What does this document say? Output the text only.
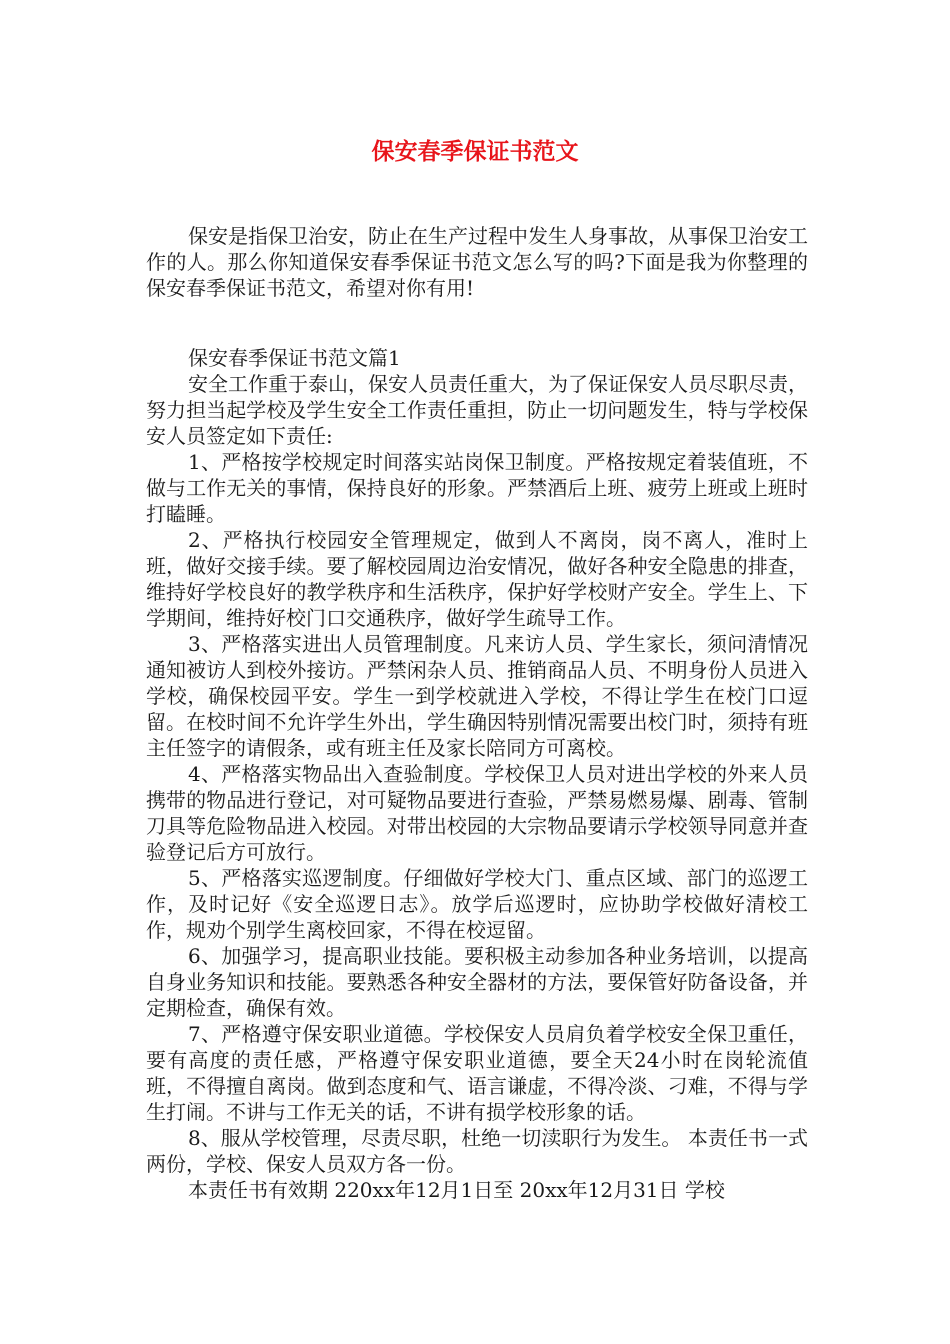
保安春季保证书范文

保安是指保卫治安，防止在生产过程中发生人身事故，从事保卫治安工作的人。那么你知道保安春季保证书范文怎么写的吗?下面是我为你整理的保安春季保证书范文，希望对你有用!

保安春季保证书范文篇1

安全工作重于泰山，保安人员责任重大，为了保证保安人员尽职尽责，努力担当起学校及学生安全工作责任重担，防止一切问题发生，特与学校保安人员签定如下责任:

1、严格按学校规定时间落实站岗保卫制度。严格按规定着装值班，不做与工作无关的事情，保持良好的形象。严禁酒后上班、疲劳上班或上班时打瞌睡。

2、严格执行校园安全管理规定，做到人不离岗，岗不离人，准时上班，做好交接手续。要了解校园周边治安情况，做好各种安全隐患的排查，维持好学校良好的教学秩序和生活秩序，保护好学校财产安全。学生上、下学期间，维持好校门口交通秩序，做好学生疏导工作。

3、严格落实进出人员管理制度。凡来访人员、学生家长，须问清情况通知被访人到校外接访。严禁闲杂人员、推销商品人员、不明身份人员进入学校，确保校园平安。学生一到学校就进入学校，不得让学生在校门口逗留。在校时间不允许学生外出，学生确因特别情况需要出校门时，须持有班主任签字的请假条，或有班主任及家长陪同方可离校。

4、严格落实物品出入查验制度。学校保卫人员对进出学校的外来人员携带的物品进行登记，对可疑物品要进行查验，严禁易燃易爆、剧毒、管制刀具等危险物品进入校园。对带出校园的大宗物品要请示学校领导同意并查验登记后方可放行。

5、严格落实巡逻制度。仔细做好学校大门、重点区域、部门的巡逻工作，及时记好《安全巡逻日志》。放学后巡逻时，应协助学校做好清校工作，规劝个别学生离校回家，不得在校逗留。

6、加强学习，提高职业技能。要积极主动参加各种业务培训，以提高自身业务知识和技能。要熟悉各种安全器材的方法，要保管好防备设备，并定期检查，确保有效。

7、严格遵守保安职业道德。学校保安人员肩负着学校安全保卫重任，要有高度的责任感，严格遵守保安职业道德，要全天24小时在岗轮流值班，不得擅自离岗。做到态度和气、语言谦虚，不得冷淡、刁难，不得与学生打闹。不讲与工作无关的话，不讲有损学校形象的话。

8、服从学校管理，尽责尽职，杜绝一切渎职行为发生。 本责任书一式两份，学校、保安人员双方各一份。

本责任书有效期 220xx年12月1日至 20xx年12月31日 学校
